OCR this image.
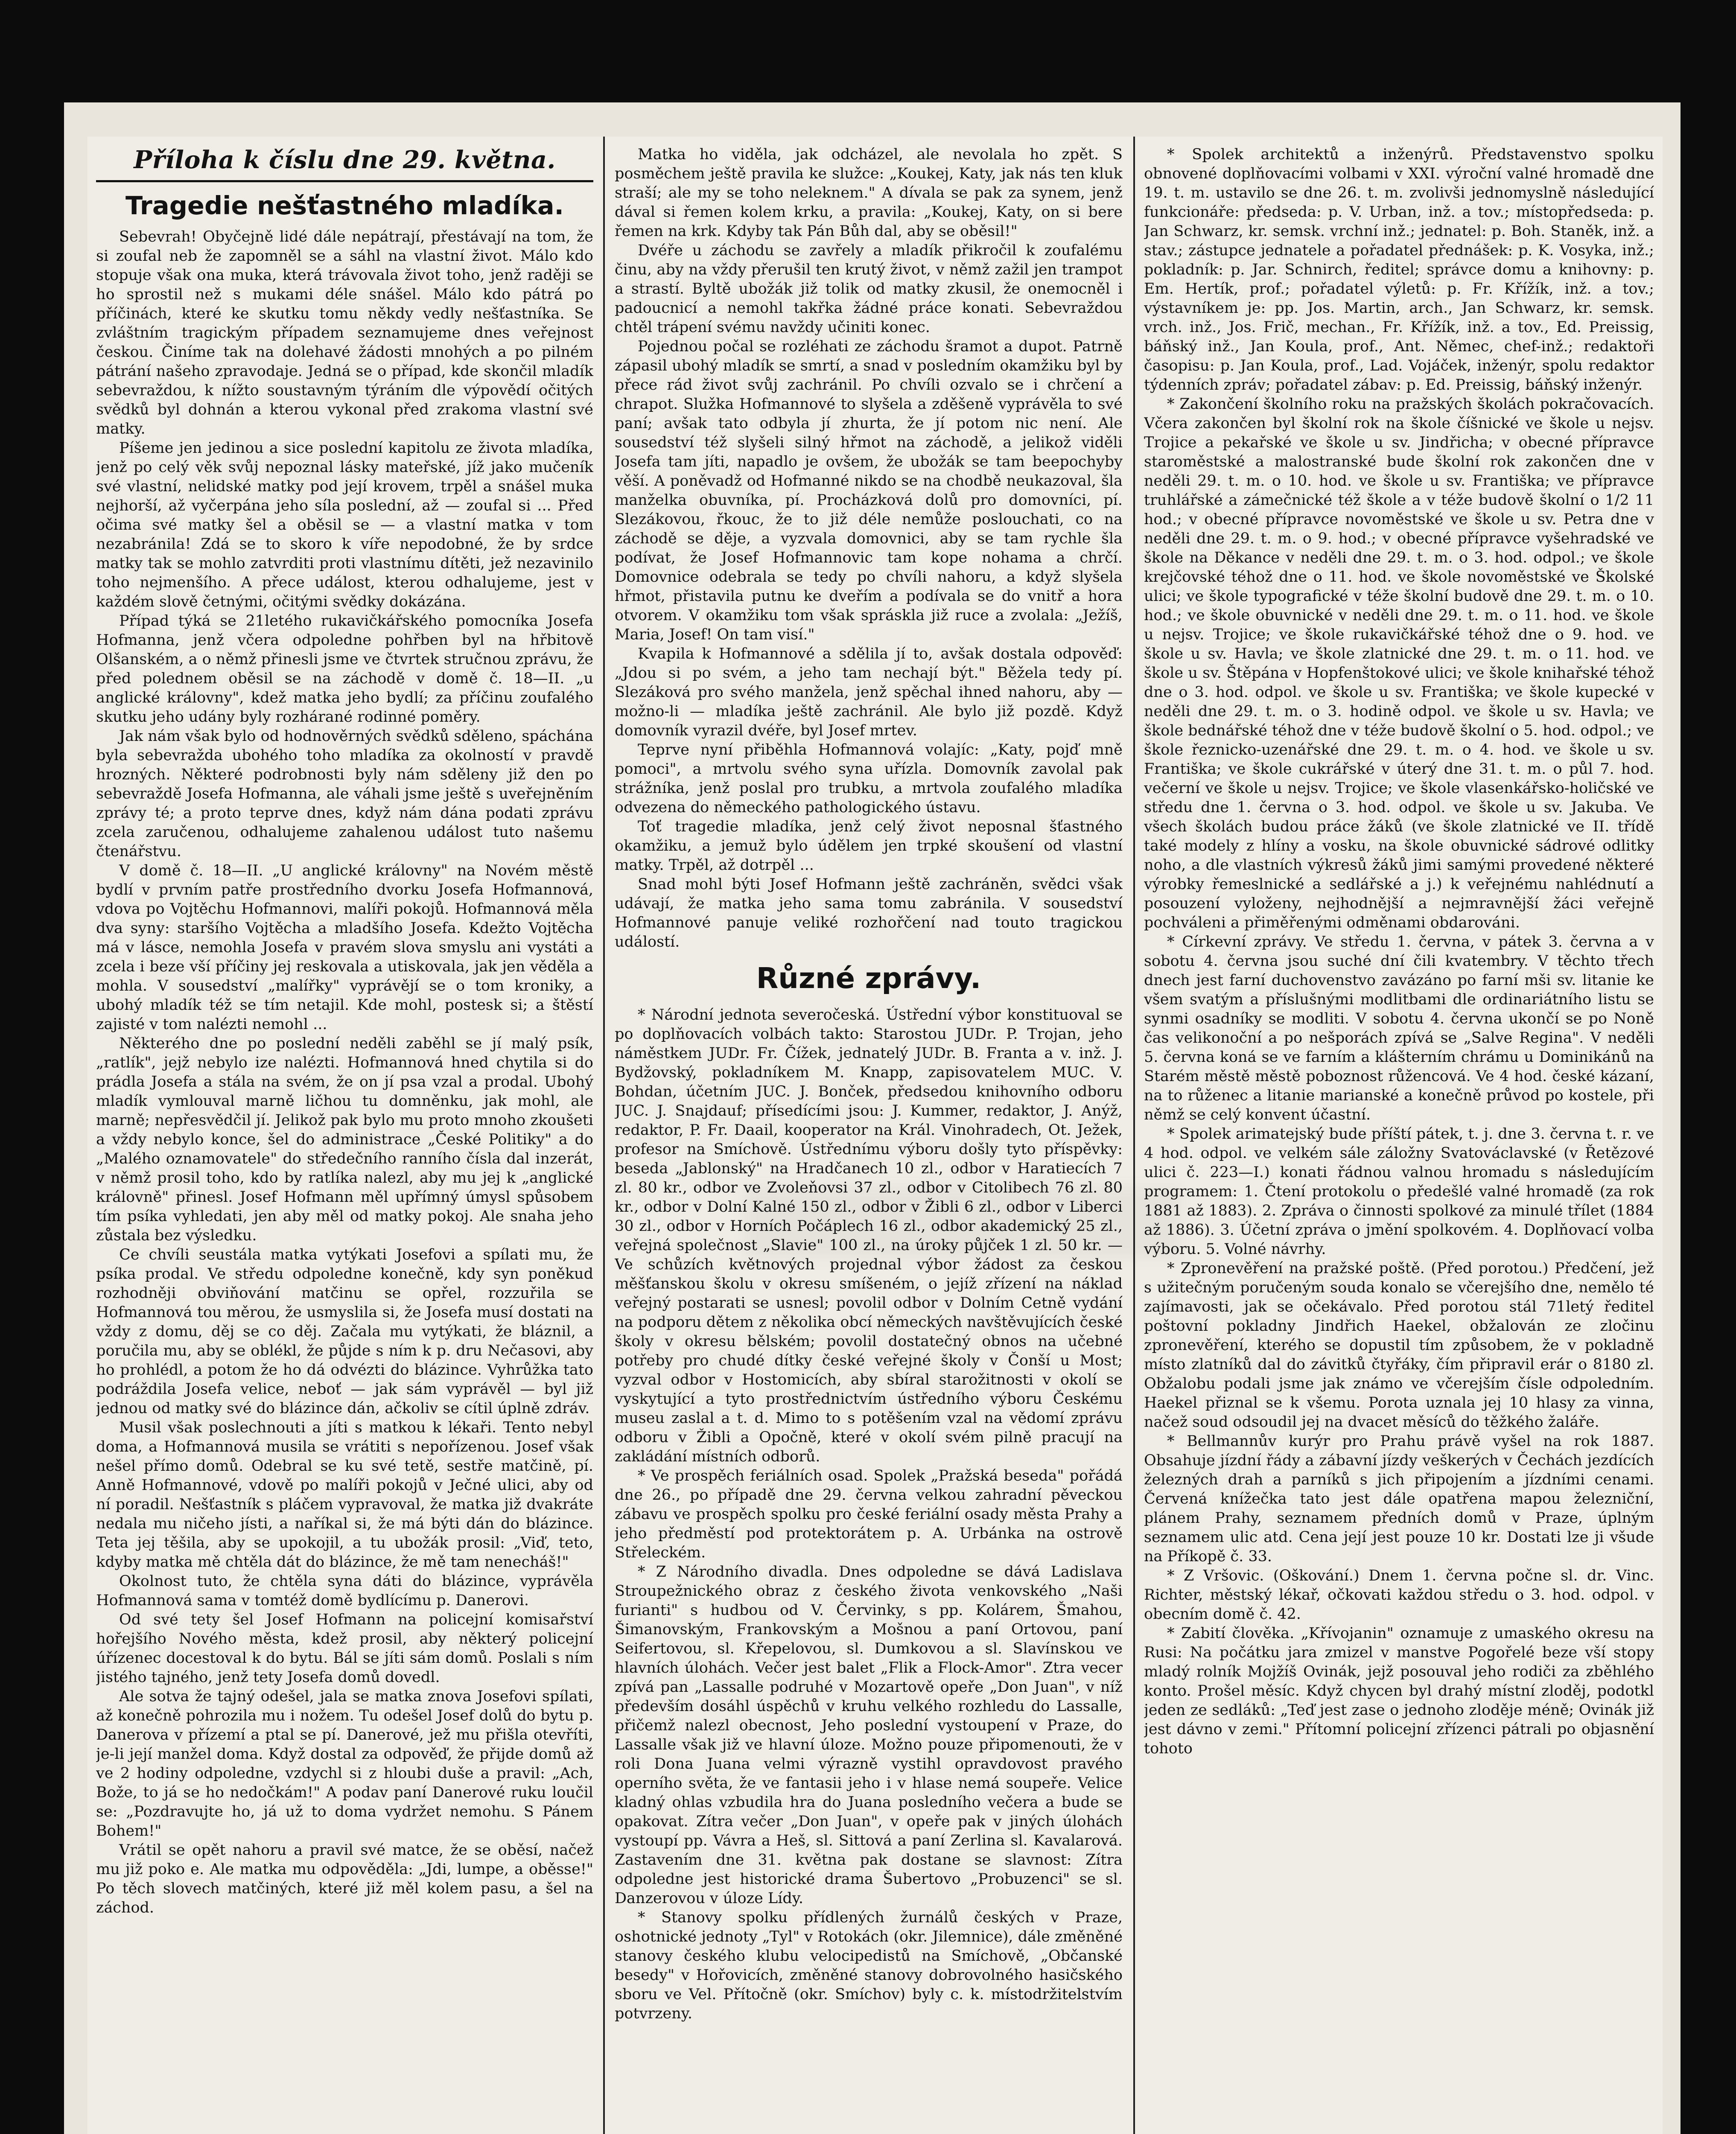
Příloha k číslu dne 29. května.
Tragedie nešťastného mladíka.

Sebevrah! Obyčejně lidé dále nepátrají, přestávají na tom, že si zoufal neb že zapomněl se a sáhl na vlastní život. Málo kdo stopuje však ona muka, která trávovala život toho, jenž raději se ho sprostil než s mukami déle snášel. Málo kdo pátrá po příčinách, které ke skutku tomu někdy vedly nešťastníka. Se zvláštním tragickým případem seznamujeme dnes veřejnost českou. Činíme tak na dolehavé žádosti mnohých a po pilném pátrání našeho zpravodaje. Jedná se o případ, kde skončil mladík sebevraždou, k nížto soustavným týráním dle výpovědí očitých svědků byl dohnán a kterou vykonal před zrakoma vlastní své matky.

Píšeme jen jedinou a sice poslední kapitolu ze života mladíka, jenž po celý věk svůj nepoznal lásky mateřské, jíž jako mučeník své vlastní, nelidské matky pod její krovem, trpěl a snášel muka nejhorší, až vyčerpána jeho síla poslední, až — zoufal si ... Před očima své matky šel a oběsil se — a vlastní matka v tom nezabránila! Zdá se to skoro k víře nepodobné, že by srdce matky tak se mohlo zatvrditi proti vlastnímu dítěti, jež nezavinilo toho nejmenšího. A přece událost, kterou odhalujeme, jest v každém slově četnými, očitými svědky dokázána.

Případ týká se 21letého rukavičkářského pomocníka Josefa Hofmanna, jenž včera odpoledne pohřben byl na hřbitově Olšanském, a o němž přinesli jsme ve čtvrtek stručnou zprávu, že před polednem oběsil se na záchodě v domě č. 18—II. „u anglické královny", kdež matka jeho bydlí; za příčinu zoufalého skutku jeho udány byly rozhárané rodinné poměry.

Jak nám však bylo od hodnověrných svědků sděleno, spáchána byla sebevražda ubohého toho mladíka za okolností v pravdě hrozných. Některé podrobnosti byly nám sděleny již den po sebevraždě Josefa Hofmanna, ale váhali jsme ještě s uveřejněním zprávy té; a proto teprve dnes, když nám dána podati zprávu zcela zaručenou, odhalujeme zahalenou událost tuto našemu čtenářstvu.

V domě č. 18—II. „U anglické královny" na Novém městě bydlí v prvním patře prostředního dvorku Josefa Hofmannová, vdova po Vojtěchu Hofmannovi, malíři pokojů. Hofmannová měla dva syny: staršího Vojtěcha a mladšího Josefa. Kdežto Vojtěcha má v lásce, nemohla Josefa v pravém slova smyslu ani vystáti a zcela i beze vší příčiny jej reskovala a utiskovala, jak jen věděla a mohla. V sousedství „malířky" vyprávějí se o tom kroniky, a ubohý mladík též se tím netajil. Kde mohl, postesk si; a štěstí zajisté v tom nalézti nemohl ...

Některého dne po poslední neděli zaběhl se jí malý psík, „ratlík", jejž nebylo ize nalézti. Hofmannová hned chytila si do prádla Josefa a stála na svém, že on jí psa vzal a prodal. Ubohý mladík vymlouval marně ličhou tu domněnku, jak mohl, ale marně; nepřesvědčil jí. Jelikož pak bylo mu proto mnoho zkoušeti a vždy nebylo konce, šel do administrace „České Politiky" a do „Malého oznamovatele" do středečního ranního čísla dal inzerát, v němž prosil toho, kdo by ratlíka nalezl, aby mu jej k „anglické královně" přinesl. Josef Hofmann měl upřímný úmysl spůsobem tím psíka vyhledati, jen aby měl od matky pokoj. Ale snaha jeho zůstala bez výsledku.

Ce chvíli seustála matka vytýkati Josefovi a spílati mu, že psíka prodal. Ve středu odpoledne konečně, kdy syn poněkud rozhodněji obviňování matčinu se opřel, rozzuřila se Hofmannová tou měrou, že usmyslila si, že Josefa musí dostati na vždy z domu, děj se co děj. Začala mu vytýkati, že bláznil, a poručila mu, aby se oblékl, že půjde s ním k p. dru Nečasovi, aby ho prohlédl, a potom že ho dá odvézti do blázince. Vyhrůžka tato podráždila Josefa velice, neboť — jak sám vyprávěl — byl již jednou od matky své do blázince dán, ačkoliv se cítil úplně zdráv.

Musil však poslechnouti a jíti s matkou k lékaři. Tento nebyl doma, a Hofmannová musila se vrátiti s nepořízenou. Josef však nešel přímo domů. Odebral se ku své tetě, sestře matčině, pí. Anně Hofmannové, vdově po malíři pokojů v Ječné ulici, aby od ní poradil. Nešťastník s pláčem vypravoval, že matka již dvakráte nedala mu ničeho jísti, a naříkal si, že má býti dán do blázince. Teta jej těšila, aby se upokojil, a tu ubožák prosil: „Viď, teto, kdyby matka mě chtěla dát do blázince, že mě tam nenecháš!"

Okolnost tuto, že chtěla syna dáti do blázince, vyprávěla Hofmannová sama v tomtéž domě bydlícímu p. Danerovi.

Od své tety šel Josef Hofmann na policejní komisařství hořejšího Nového města, kdež prosil, aby některý policejní úřízenec docestoval k do bytu. Bál se jíti sám domů. Poslali s ním jistého tajného, jenž tety Josefa domů dovedl.

Ale sotva že tajný odešel, jala se matka znova Josefovi spílati, až konečně pohrozila mu i nožem. Tu odešel Josef dolů do bytu p. Danerova v přízemí a ptal se pí. Danerové, jež mu přišla otevříti, je-li její manžel doma. Když dostal za odpověď, že přijde domů až ve 2 hodiny odpoledne, vzdychl si z hloubi duše a pravil: „Ach, Bože, to já se ho nedočkám!" A podav paní Danerové ruku loučil se: „Pozdravujte ho, já už to doma vydržet nemohu. S Pánem Bohem!"

Vrátil se opět nahoru a pravil své matce, že se oběsí, načež mu již poko e. Ale matka mu odpověděla: „Jdi, lumpe, a oběsse!" Po těch slovech matčiných, které již měl kolem pasu, a šel na záchod.

Matka ho viděla, jak odcházel, ale nevolala ho zpět. S posměchem ještě pravila ke služce: „Koukej, Katy, jak nás ten kluk straší; ale my se toho neleknem." A dívala se pak za synem, jenž dával si řemen kolem krku, a pravila: „Koukej, Katy, on si bere řemen na krk. Kdyby tak Pán Bůh dal, aby se oběsil!"

Dvéře u záchodu se zavřely a mladík přikročil k zoufalému činu, aby na vždy přerušil ten krutý život, v němž zažil jen trampot a strastí. Byltě ubožák již tolik od matky zkusil, že onemocněl i padoucnicí a nemohl takřka žádné práce konati. Sebevraždou chtěl trápení svému navždy učiniti konec.

Pojednou počal se rozléhati ze záchodu šramot a dupot. Patrně zápasil ubohý mladík se smrtí, a snad v posledním okamžiku byl by přece rád život svůj zachránil. Po chvíli ozvalo se i chrčení a chrapot. Služka Hofmannové to slyšela a zděšeně vyprávěla to své paní; avšak tato odbyla jí zhurta, že jí potom nic není. Ale sousedství též slyšeli silný hřmot na záchodě, a jelikož viděli Josefa tam jíti, napadlo je ovšem, že ubožák se tam beepochyby věší. A poněvadž od Hofmanné nikdo se na chodbě neukazoval, šla manželka obuvníka, pí. Procházková dolů pro domovníci, pí. Slezákovou, řkouc, že to již déle nemůže poslouchati, co na záchodě se děje, a vyzvala domovnici, aby se tam rychle šla podívat, že Josef Hofmannovic tam kope nohama a chrčí. Domovnice odebrala se tedy po chvíli nahoru, a když slyšela hřmot, přistavila putnu ke dveřím a podívala se do vnitř a hora otvorem. V okamžiku tom však spráskla již ruce a zvolala: „Ježíš, Maria, Josef! On tam visí."

Kvapila k Hofmannové a sdělila jí to, avšak dostala odpověď: „Jdou si po svém, a jeho tam nechají být." Běžela tedy pí. Slezáková pro svého manžela, jenž spěchal ihned nahoru, aby — možno-li — mladíka ještě zachránil. Ale bylo již pozdě. Když domovník vyrazil dvéře, byl Josef mrtev.

Teprve nyní přiběhla Hofmannová volajíc: „Katy, pojď mně pomoci", a mrtvolu svého syna uřízla. Domovník zavolal pak strážníka, jenž poslal pro trubku, a mrtvola zoufalého mladíka odvezena do německého pathologického ústavu.

Toť tragedie mladíka, jenž celý život neposnal šťastného okamžiku, a jemuž bylo údělem jen trpké skoušení od vlastní matky. Trpěl, až dotrpěl ...

Snad mohl býti Josef Hofmann ještě zachráněn, svědci však udávají, že matka jeho sama tomu zabránila. V sousedství Hofmannové panuje veliké rozhořčení nad touto tragickou událostí.

Různé zprávy.

* Národní jednota severočeská. Ústřední výbor konstituoval se po doplňovacích volbách takto: Starostou JUDr. P. Trojan, jeho náměstkem JUDr. Fr. Čížek, jednatelý JUDr. B. Franta a v. inž. J. Bydžovský, pokladníkem M. Knapp, zapisovatelem MUC. V. Bohdan, účetním JUC. J. Bonček, předsedou knihovního odboru JUC. J. Snajdauf; přísedícími jsou: J. Kummer, redaktor, J. Anýž, redaktor, P. Fr. Daail, kooperator na Král. Vinohradech, Ot. Ježek, profesor na Smíchově. Ústřednímu výboru došly tyto příspěvky: beseda „Jablonský" na Hradčanech 10 zl., odbor v Haratiecích 7 zl. 80 kr., odbor ve Zvoleňovsi 37 zl., odbor v Citolibech 76 zl. 80 kr., odbor v Dolní Kalné 150 zl., odbor v Žibli 6 zl., odbor v Liberci 30 zl., odbor v Horních Počáplech 16 zl., odbor akademický 25 zl., veřejná společnost „Slavie" 100 zl., na úroky půjček 1 zl. 50 kr. — Ve schůzích květnových projednal výbor žádost za českou měšťanskou školu v okresu smíšeném, o jejíž zřízení na náklad veřejný postarati se usnesl; povolil odbor v Dolním Cetně vydání na podporu dětem z několika obcí německých navštěvujících české školy v okresu bělském; povolil dostatečný obnos na učebné potřeby pro chudé dítky české veřejné školy v Čonší u Most; vyzval odbor v Hostomicích, aby sbíral starožitnosti v okolí se vyskytující a tyto prostřednictvím ústředního výboru Českému museu zaslal a t. d. Mimo to s potěšením vzal na vědomí zprávu odboru v Žibli a Opočně, které v okolí svém pilně pracují na zakládání místních odborů.

* Ve prospěch feriálních osad. Spolek „Pražská beseda" pořádá dne 26., po případě dne 29. června velkou zahradní pěveckou zábavu ve prospěch spolku pro české feriální osady města Prahy a jeho předměstí pod protektorátem p. A. Urbánka na ostrově Střeleckém.

* Z Národního divadla. Dnes odpoledne se dává Ladislava Stroupežnického obraz z českého života venkovského „Naši furianti" s hudbou od V. Červinky, s pp. Kolárem, Šmahou, Šimanovským, Frankovským a Mošnou a paní Ortovou, paní Seifertovou, sl. Křepelovou, sl. Dumkovou a sl. Slavínskou ve hlavních úlohách. Večer jest balet „Flik a Flock-Amor". Ztra vecer zpívá pan „Lassalle podruhé v Mozartově opeře „Don Juan", v níž především dosáhl úspěchů v kruhu velkého rozhledu do Lassalle, přičemž nalezl obecnost, Jeho poslední vystoupení v Praze, do Lassalle však již ve hlavní úloze. Možno pouze připomenouti, že v roli Dona Juana velmi výrazně vystihl opravdovost pravého operního světa, že ve fantasii jeho i v hlase nemá soupeře. Velice kladný ohlas vzbudila hra do Juana posledního večera a bude se opakovat. Zítra večer „Don Juan", v opeře pak v jiných úlohách vystoupí pp. Vávra a Heš, sl. Sittová a paní Zerlina sl. Kavalarová. Zastavením dne 31. května pak dostane se slavnost: Zítra odpoledne jest historické drama Šubertovo „Probuzenci" se sl. Danzerovou v úloze Lídy.

* Stanovy spolku přídlených žurnálů českých v Praze, oshotnické jednoty „Tyl" v Rotokách (okr. Jilemnice), dále změněné stanovy českého klubu velocipedistů na Smíchově, „Občanské besedy" v Hořovicích, změněné stanovy dobrovolného hasičského sboru ve Vel. Přítočně (okr. Smíchov) byly c. k. místodržitelstvím potvrzeny.

* Spolek architektů a inženýrů. Představenstvo spolku obnovené doplňovacími volbami v XXI. výroční valné hromadě dne 19. t. m. ustavilo se dne 26. t. m. zvolivši jednomyslně následující funkcionáře: předseda: p. V. Urban, inž. a tov.; místopředseda: p. Jan Schwarz, kr. semsk. vrchní inž.; jednatel: p. Boh. Staněk, inž. a stav.; zástupce jednatele a pořadatel přednášek: p. K. Vosyka, inž.; pokladník: p. Jar. Schnirch, ředitel; správce domu a knihovny: p. Em. Hertík, prof.; pořadatel výletů: p. Fr. Křížík, inž. a tov.; výstavníkem je: pp. Jos. Martin, arch., Jan Schwarz, kr. semsk. vrch. inž., Jos. Frič, mechan., Fr. Křížík, inž. a tov., Ed. Preissig, báňský inž., Jan Koula, prof., Ant. Němec, chef-inž.; redaktoři časopisu: p. Jan Koula, prof., Lad. Vojáček, inženýr, spolu redaktor týdenních zpráv; pořadatel zábav: p. Ed. Preissig, báňský inženýr.

* Zakončení školního roku na pražských školách pokračovacích. Včera zakončen byl školní rok na škole číšnické ve škole u nejsv. Trojice a pekařské ve škole u sv. Jindřicha; v obecné přípravce staroměstské a malostranské bude školní rok zakončen dne v neděli 29. t. m. o 10. hod. ve škole u sv. Františka; ve přípravce truhlářské a zámečnické též škole a v téže budově školní o 1/2 11 hod.; v obecné přípravce novoměstské ve škole u sv. Petra dne v neděli dne 29. t. m. o 9. hod.; v obecné přípravce vyšehradské ve škole na Děkance v neděli dne 29. t. m. o 3. hod. odpol.; ve škole krejčovské téhož dne o 11. hod. ve škole novoměstské ve Školské ulici; ve škole typografické v téže školní budově dne 29. t. m. o 10. hod.; ve škole obuvnické v neděli dne 29. t. m. o 11. hod. ve škole u nejsv. Trojice; ve škole rukavičkářské téhož dne o 9. hod. ve škole u sv. Havla; ve škole zlatnické dne 29. t. m. o 11. hod. ve škole u sv. Štěpána v Hopfenštokové ulici; ve škole knihařské téhož dne o 3. hod. odpol. ve škole u sv. Františka; ve škole kupecké v neděli dne 29. t. m. o 3. hodině odpol. ve škole u sv. Havla; ve škole bednářské téhož dne v téže budově školní o 5. hod. odpol.; ve škole řeznicko-uzenářské dne 29. t. m. o 4. hod. ve škole u sv. Františka; ve škole cukrářské v úterý dne 31. t. m. o půl 7. hod. večerní ve škole u nejsv. Trojice; ve škole vlasenkářsko-holičské ve středu dne 1. června o 3. hod. odpol. ve škole u sv. Jakuba. Ve všech školách budou práce žáků (ve škole zlatnické ve II. třídě také modely z hlíny a vosku, na škole obuvnické sádrové odlitky noho, a dle vlastních výkresů žáků jimi samými provedené některé výrobky řemeslnické a sedlářské a j.) k veřejnému nahlédnutí a posouzení vyloženy, nejhodnější a nejmravnější žáci veřejně pochváleni a přiměřenými odměnami obdarováni.

* Církevní zprávy. Ve středu 1. června, v pátek 3. června a v sobotu 4. června jsou suché dní čili kvatembry. V těchto třech dnech jest farní duchovenstvo zavázáno po farní mši sv. litanie ke všem svatým a příslušnými modlitbami dle ordinariátního listu se synmi osadníky se modliti. V sobotu 4. června ukončí se po Noně čas velikonoční a po nešporách zpívá se „Salve Regina". V neděli 5. června koná se ve farním a klášterním chrámu u Dominikánů na Starém městě městě poboznost růžencová. Ve 4 hod. české kázaní, na to růženec a litanie marianské a konečně průvod po kostele, při němž se celý konvent účastní.

* Spolek arimatejský bude příští pátek, t. j. dne 3. června t. r. ve 4 hod. odpol. ve velkém sále záložny Svatováclavské (v Řetězové ulici č. 223—I.) konati řádnou valnou hromadu s následujícím programem: 1. Čtení protokolu o předešlé valné hromadě (za rok 1881 až 1883). 2. Zpráva o činnosti spolkové za minulé třílet (1884 až 1886). 3. Účetní zpráva o jmění spolkovém. 4. Doplňovací volba výboru. 5. Volné návrhy.

* Zpronevěření na pražské poště. (Před porotou.) Předčení, jež s užitečným poručeným souda konalo se včerejšího dne, nemělo té zajímavosti, jak se očekávalo. Před porotou stál 71letý ředitel poštovní pokladny Jindřich Haekel, obžalován ze zločinu zpronevěření, kterého se dopustil tím způsobem, že v pokladně místo zlatníků dal do závitků čtyřáky, čím připravil erár o 8180 zl. Obžalobu podali jsme jak známo ve včerejším čísle odpoledním. Haekel přiznal se k všemu. Porota uznala jej 10 hlasy za vinna, načež soud odsoudil jej na dvacet měsíců do těžkého žaláře.

* Bellmannův kurýr pro Prahu právě vyšel na rok 1887. Obsahuje jízdní řády a zábavní jízdy veškerých v Čechách jezdících železných drah a parníků s jich připojením a jízdními cenami. Červená knížečka tato jest dále opatřena mapou železniční, plánem Prahy, seznamem předních domů v Praze, úplným seznamem ulic atd. Cena její jest pouze 10 kr. Dostati lze ji všude na Příkopě č. 33.

* Z Vršovic. (Oškování.) Dnem 1. června počne sl. dr. Vinc. Richter, městský lékař, očkovati každou středu o 3. hod. odpol. v obecním domě č. 42.

* Zabití člověka. „Křívojanin" oznamuje z umaského okresu na Rusi: Na počátku jara zmizel v manstve Pogořelé beze vší stopy mladý rolník Mojžíš Ovinák, jejž posouval jeho rodiči za zběhlého konto. Prošel měsíc. Když chycen byl drahý místní zloděj, podotkl jeden ze sedláků: „Teď jest zase o jednoho zloděje méně; Ovinák již jest dávno v zemi." Přítomní policejní zřízenci pátrali po objasnění tohoto
